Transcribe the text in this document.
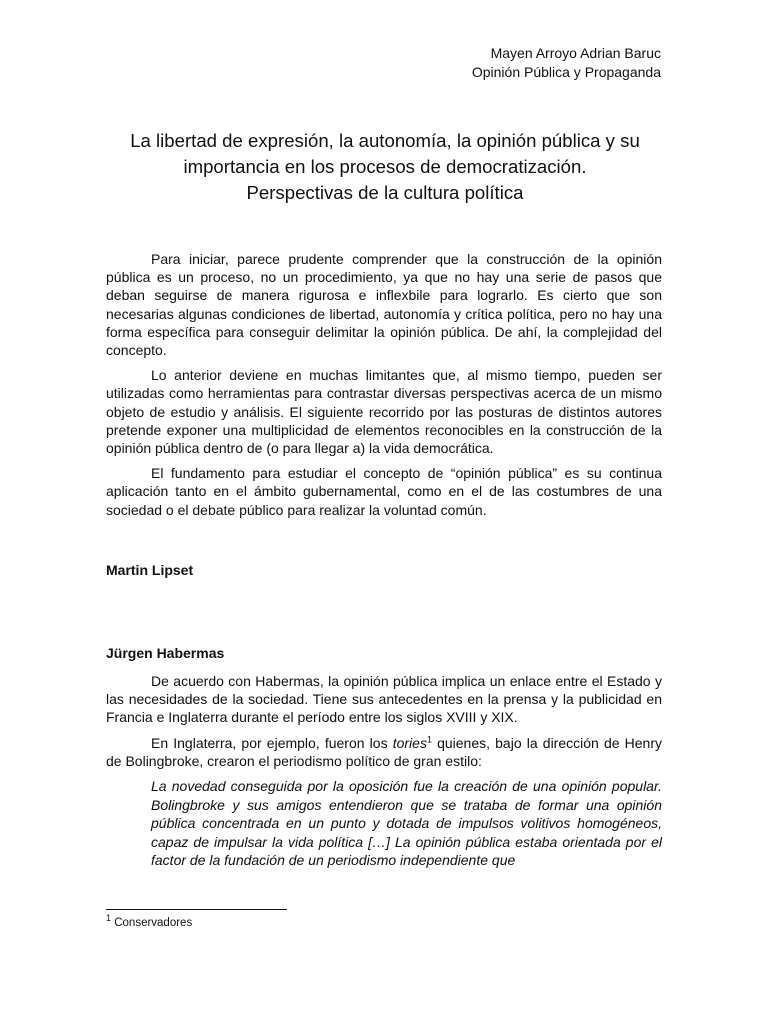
Mayen Arroyo Adrian Baruc
Opinión Pública y Propaganda
La libertad de expresión, la autonomía, la opinión pública y su
importancia en los procesos de democratización.
Perspectivas de la cultura política

Para iniciar, parece prudente comprender que la construcción de la opinión pública es un proceso, no un procedimiento, ya que no hay una serie de pasos que deban seguirse de manera rigurosa e inflexbile para lograrlo. Es cierto que son necesarias algunas condiciones de libertad, autonomía y crítica política, pero no hay una forma específica para conseguir delimitar la opinión pública. De ahí, la complejidad del concepto.

Lo anterior deviene en muchas limitantes que, al mismo tiempo, pueden ser utilizadas como herramientas para contrastar diversas perspectivas acerca de un mismo objeto de estudio y análisis. El siguiente recorrido por las posturas de distintos autores pretende exponer una multiplicidad de elementos reconocibles en la construcción de la opinión pública dentro de (o para llegar a) la vida democrática.

El fundamento para estudiar el concepto de “opinión pública” es su continua aplicación tanto en el ámbito gubernamental, como en el de las costumbres de una sociedad o el debate público para realizar la voluntad común.

Martin Lipset
Jürgen Habermas

De acuerdo con Habermas, la opinión pública implica un enlace entre el Estado y las necesidades de la sociedad. Tiene sus antecedentes en la prensa y la publicidad en Francia e Inglaterra durante el período entre los siglos XVIII y XIX.

En Inglaterra, por ejemplo, fueron los tories$^1$ quienes, bajo la dirección de Henry de Bolingbroke, crearon el periodismo político de gran estilo:

La novedad conseguida por la oposición fue la creación de una opinión popular. Bolingbroke y sus amigos entendieron que se trataba de formar una opinión pública concentrada en un punto y dotada de impulsos volitivos homogéneos, capaz de impulsar la vida política […] La opinión pública estaba orientada por el factor de la fundación de un periodismo independiente que
$^1$ Conservadores
